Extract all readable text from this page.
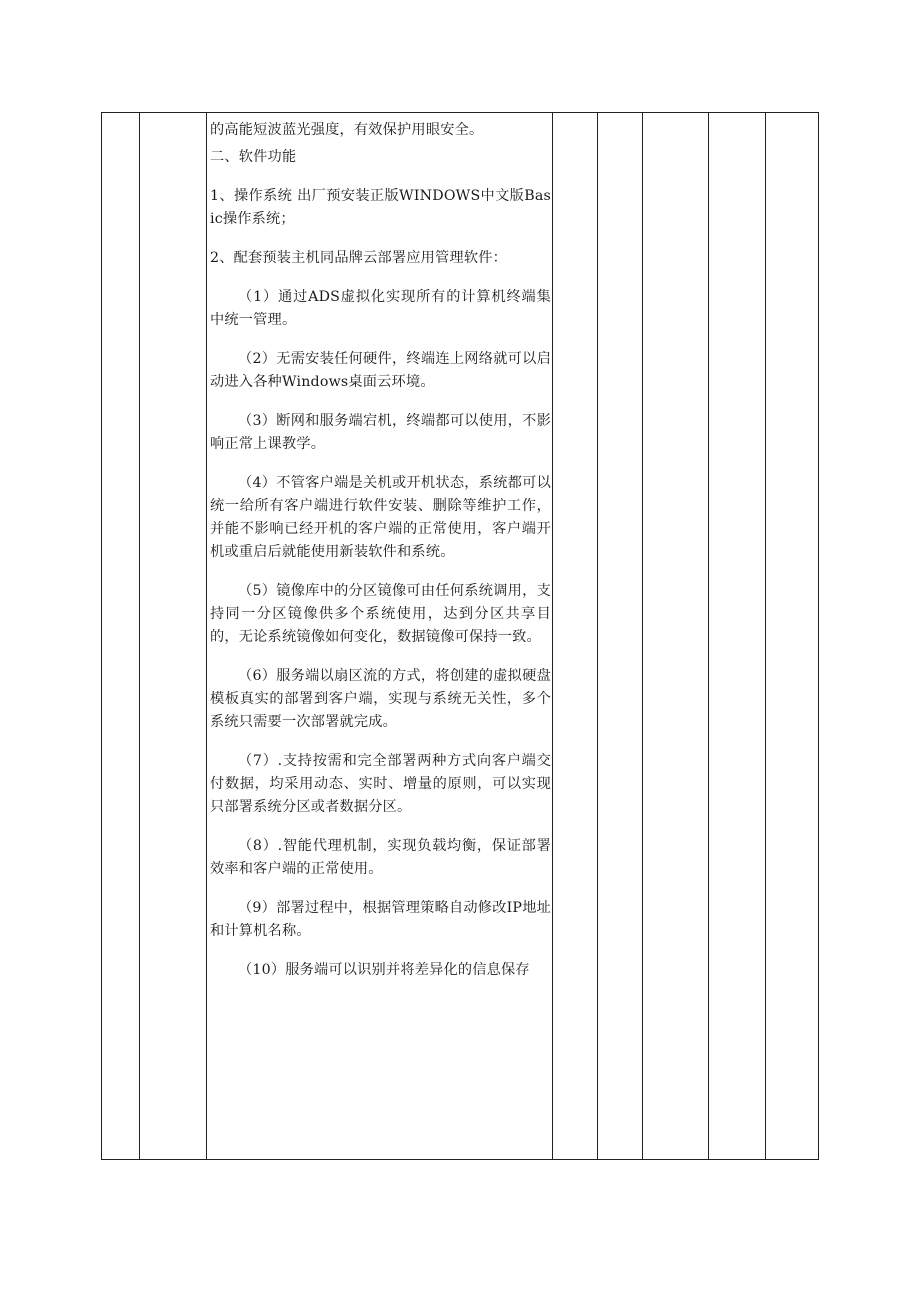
的高能短波蓝光强度，有效保护用眼安全。

二、软件功能

1、操作系统 出厂预安装正版WINDOWS中文版Basic操作系统；

2、配套预装主机同品牌云部署应用管理软件：

（1）通过ADS虚拟化实现所有的计算机终端集中统一管理。

（2）无需安装任何硬件，终端连上网络就可以启动进入各种Windows桌面云环境。

（3）断网和服务端宕机，终端都可以使用，不影响正常上课教学。

（4）不管客户端是关机或开机状态，系统都可以统一给所有客户端进行软件安装、删除等维护工作，并能不影响已经开机的客户端的正常使用，客户端开机或重启后就能使用新装软件和系统。

（5）镜像库中的分区镜像可由任何系统调用，支持同一分区镜像供多个系统使用，达到分区共享目的，无论系统镜像如何变化，数据镜像可保持一致。

（6）服务端以扇区流的方式，将创建的虚拟硬盘模板真实的部署到客户端，实现与系统无关性，多个系统只需要一次部署就完成。

（7）.支持按需和完全部署两种方式向客户端交付数据，均采用动态、实时、增量的原则，可以实现只部署系统分区或者数据分区。

（8）.智能代理机制，实现负载均衡，保证部署效率和客户端的正常使用。

（9）部署过程中，根据管理策略自动修改IP地址和计算机名称。

（10）服务端可以识别并将差异化的信息保存
